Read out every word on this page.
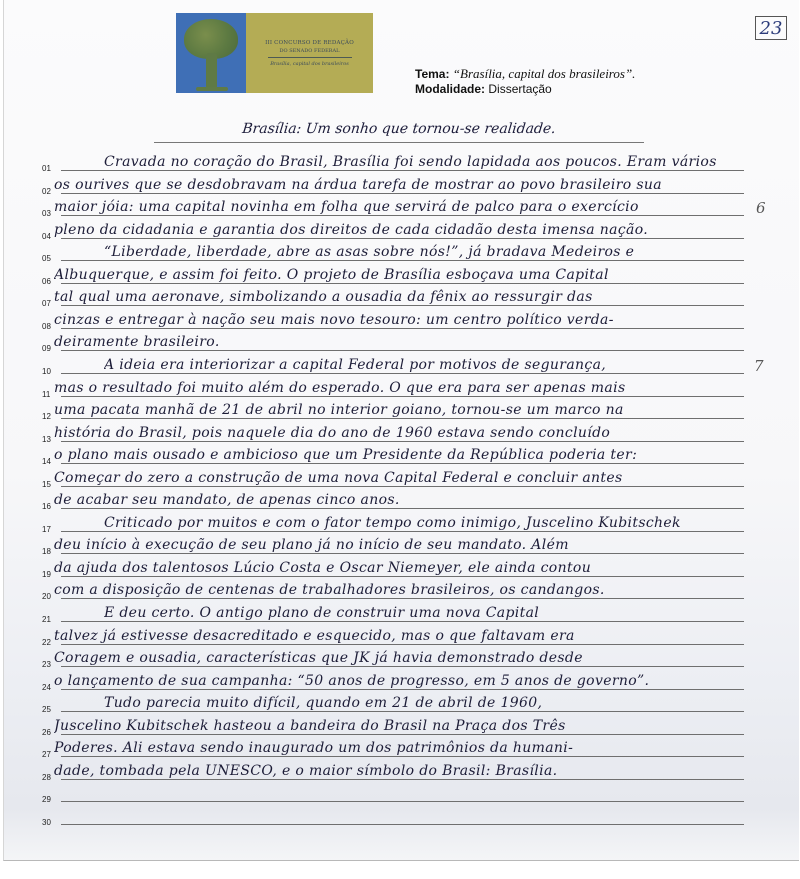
III CONCURSO DE REDAÇÃO
DO SENADO FEDERAL
Brasília, capital dos brasileiros
Tema: “Brasília, capital dos brasileiros”.
Modalidade: Dissertação
23
Brasília: Um sonho que tornou-se realidade.
01	Cravada no coração do Brasil, Brasília foi sendo lapidada aos poucos. Eram vários
02 os ourives que se desdobravam na árdua tarefa de mostrar ao povo brasileiro sua
03 maior jóia: uma capital novinha em folha que servirá de palco para o exercício
04 pleno da cidadania e garantia dos direitos de cada cidadão desta imensa nação.
05	“Liberdade, liberdade, abre as asas sobre nós!”, já bradava Medeiros e
06 Albuquerque, e assim foi feito. O projeto de Brasília esboçava uma Capital
07 tal qual uma aeronave, simbolizando a ousadia da fênix ao ressurgir das
08 cinzas e entregar à nação seu mais novo tesouro: um centro político verda-
09 deiramente brasileiro.
10	A ideia era interiorizar a capital Federal por motivos de segurança,
11 mas o resultado foi muito além do esperado. O que era para ser apenas mais
12 uma pacata manhã de 21 de abril no interior goiano, tornou-se um marco na
13 história do Brasil, pois naquele dia do ano de 1960 estava sendo concluído
14 o plano mais ousado e ambicioso que um Presidente da República poderia ter:
15 Começar do zero a construção de uma nova Capital Federal e concluir antes
16 de acabar seu mandato, de apenas cinco anos.
17	Criticado por muitos e com o fator tempo como inimigo, Juscelino Kubitschek
18 deu início à execução de seu plano já no início de seu mandato. Além
19 da ajuda dos talentosos Lúcio Costa e Oscar Niemeyer, ele ainda contou
20 com a disposição de centenas de trabalhadores brasileiros, os candangos.
21	E deu certo. O antigo plano de construir uma nova Capital
22 talvez já estivesse desacreditado e esquecido, mas o que faltavam era
23 Coragem e ousadia, características que JK já havia demonstrado desde
24 o lançamento de sua campanha: “50 anos de progresso, em 5 anos de governo”.
25	Tudo parecia muito difícil, quando em 21 de abril de 1960,
26 Juscelino Kubitschek hasteou a bandeira do Brasil na Praça dos Três
27 Poderes. Ali estava sendo inaugurado um dos patrimônios da humani-
28 dade, tombada pela UNESCO, e o maior símbolo do Brasil: Brasília.
29
30
6
7
